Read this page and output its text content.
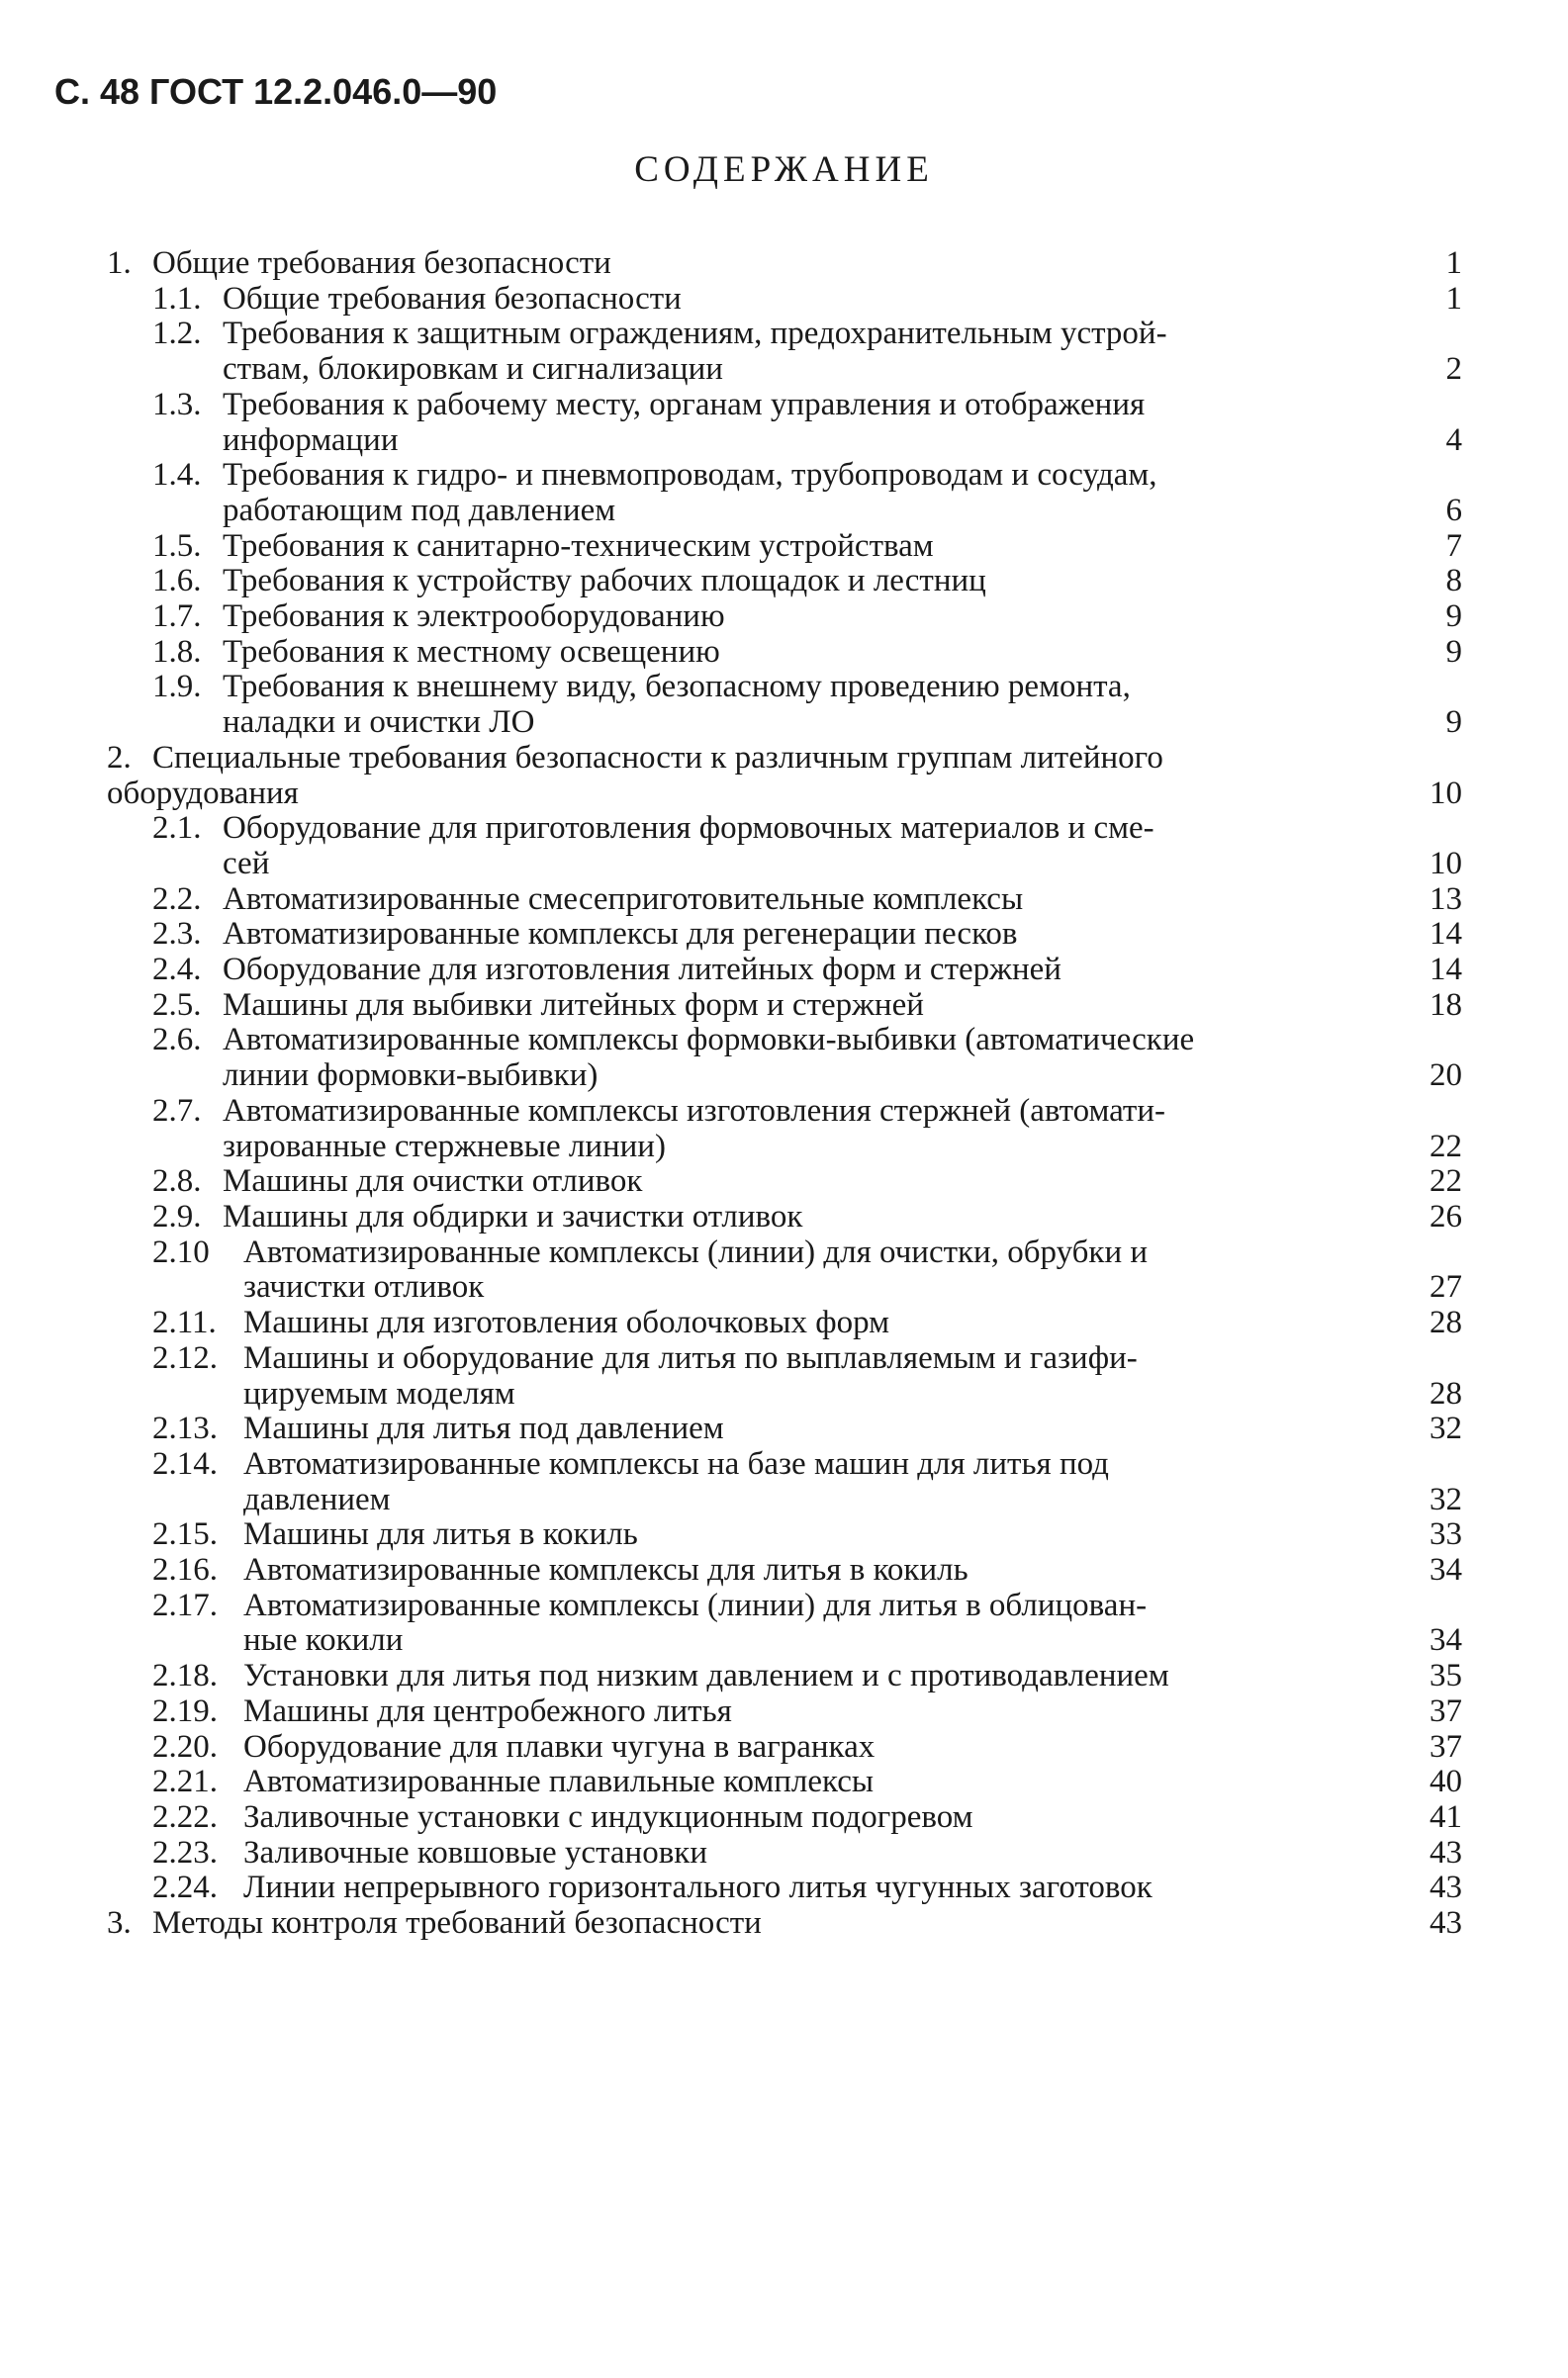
С. 48 ГОСТ 12.2.046.0—90
СОДЕРЖАНИЕ
1. Общие требования безопасности	1
1.1. Общие требования безопасности	1
1.2. Требования к защитным ограждениям, предохранительным устрой-
ствам, блокировкам и сигнализации	2
1.3. Требования к рабочему месту, органам управления и отображения
информации	4
1.4. Требования к гидро- и пневмопроводам, трубопроводам и сосудам,
работающим под давлением	6
1.5. Требования к санитарно-техническим устройствам	7
1.6. Требования к устройству рабочих площадок и лестниц	8
1.7. Требования к электрооборудованию	9
1.8. Требования к местному освещению	9
1.9. Требования к внешнему виду, безопасному проведению ремонта,
наладки и очистки ЛО	9
2. Специальные требования безопасности к различным группам литейного
оборудования	10
2.1. Оборудование для приготовления формовочных материалов и сме-
сей	10
2.2. Автоматизированные смесеприготовительные комплексы	13
2.3. Автоматизированные комплексы для регенерации песков	14
2.4. Оборудование для изготовления литейных форм и стержней	14
2.5. Машины для выбивки литейных форм и стержней	18
2.6. Автоматизированные комплексы формовки-выбивки (автоматические
линии формовки-выбивки)	20
2.7. Автоматизированные комплексы изготовления стержней (автомати-
зированные стержневые линии)	22
2.8. Машины для очистки отливок	22
2.9. Машины для обдирки и зачистки отливок	26
2.10 Автоматизированные комплексы (линии) для очистки, обрубки и
зачистки отливок	27
2.11. Машины для изготовления оболочковых форм	28
2.12. Машины и оборудование для литья по выплавляемым и газифи-
цируемым моделям	28
2.13. Машины для литья под давлением	32
2.14. Автоматизированные комплексы на базе машин для литья под
давлением	32
2.15. Машины для литья в кокиль	33
2.16. Автоматизированные комплексы для литья в кокиль	34
2.17. Автоматизированные комплексы (линии) для литья в облицован-
ные кокили	34
2.18. Установки для литья под низким давлением и с противодавлением	35
2.19. Машины для центробежного литья	37
2.20. Оборудование для плавки чугуна в вагранках	37
2.21. Автоматизированные плавильные комплексы	40
2.22. Заливочные установки с индукционным подогревом	41
2.23. Заливочные ковшовые установки	43
2.24. Линии непрерывного горизонтального литья чугунных заготовок	43
3. Методы контроля требований безопасности	43
